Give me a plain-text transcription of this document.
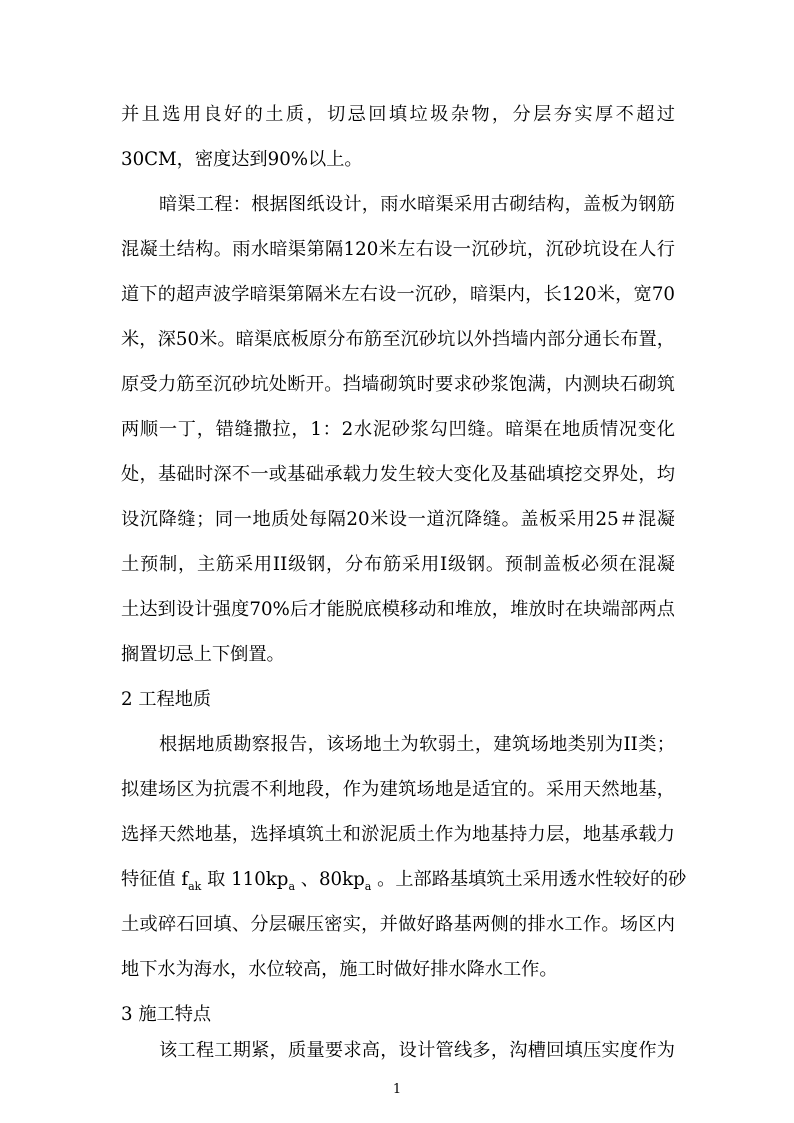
并且选用良好的土质，切忌回填垃圾杂物，分层夯实厚不超过
30CM，密度达到90%以上。
暗渠工程：根据图纸设计，雨水暗渠采用古砌结构，盖板为钢筋
混凝土结构。雨水暗渠第隔120米左右设一沉砂坑，沉砂坑设在人行
道下的超声波学暗渠第隔米左右设一沉砂，暗渠内，长120米，宽70
米，深50米。暗渠底板原分布筋至沉砂坑以外挡墙内部分通长布置，
原受力筋至沉砂坑处断开。挡墙砌筑时要求砂浆饱满，内测块石砌筑
两顺一丁，错缝撒拉，1：2水泥砂浆勾凹缝。暗渠在地质情况变化
处，基础时深不一或基础承载力发生较大变化及基础填挖交界处，均
设沉降缝；同一地质处每隔20米设一道沉降缝。盖板采用25＃混凝
土预制，主筋采用II级钢，分布筋采用Ⅰ级钢。预制盖板必须在混凝
土达到设计强度70%后才能脱底模移动和堆放，堆放时在块端部两点
搁置切忌上下倒置。
2 工程地质
根据地质勘察报告，该场地土为软弱土，建筑场地类别为II类；
拟建场区为抗震不利地段，作为建筑场地是适宜的。采用天然地基，
选择天然地基，选择填筑土和淤泥质土作为地基持力层，地基承载力
特征值 $f_{ak}$ 取 $110kp_a$ 、$80kp_a$ 。上部路基填筑土采用透水性较好的砂
土或碎石回填、分层碾压密实，并做好路基两侧的排水工作。场区内
地下水为海水，水位较高，施工时做好排水降水工作。
3 施工特点
该工程工期紧，质量要求高，设计管线多，沟槽回填压实度作为
1
